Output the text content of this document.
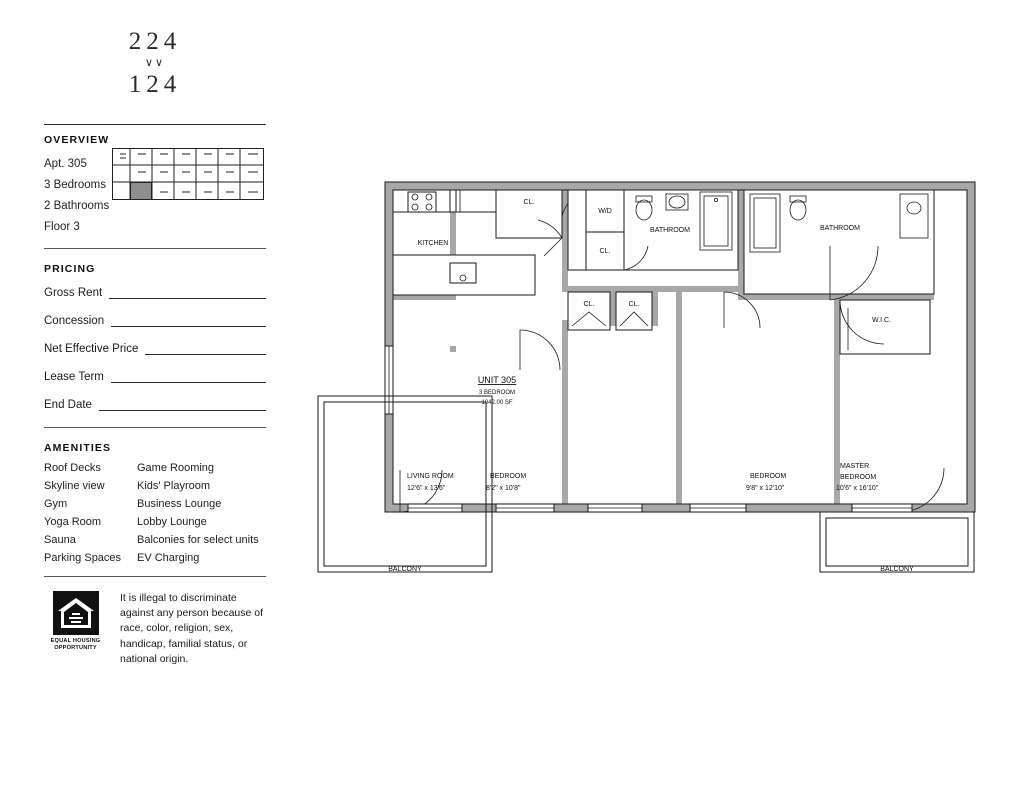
224
∨∨
124
OVERVIEW
Apt. 305
3 Bedrooms
2 Bathrooms
Floor 3
PRICING
Gross Rent
Concession
Net Effective Price
Lease Term
End Date
AMENITIES
Roof Decks	Game Rooming
Skyline view	Kids' Playroom
Gym	Business Lounge
Yoga Room	Lobby Lounge
Sauna	Balconies for select units
Parking Spaces	EV Charging
EQUAL HOUSING
OPPORTUNITY
It is illegal to discriminate against any person because of race, color, religion, sex, handicap, familial status, or national origin.
KITCHEN
CL.
W/D
CL.
BATHROOM	BATHROOM
W.I.C.
CL.	CL.
BALCONY	BALCONY
UNIT 305
3 BEDROOM
1042.00 SF
LIVING ROOM
12'6" x 13'6"
BEDROOM
8'2" x 10'8"
BEDROOM
9'8" x 12'10"
MASTER
BEDROOM
10'6" x 16'10"
